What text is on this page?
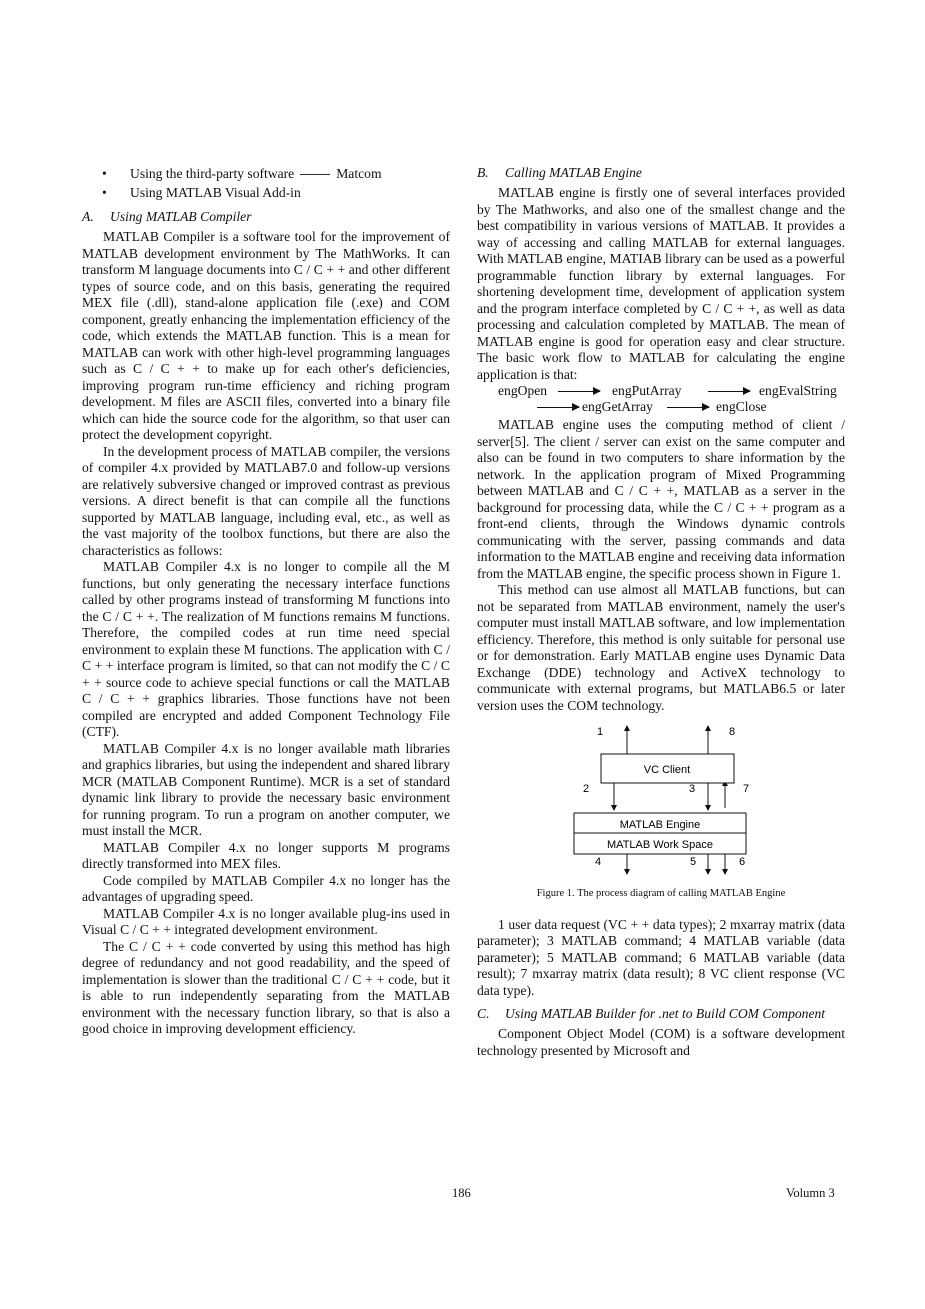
• Using the third-party software	Matcom
• Using MATLAB Visual Add-in
A. Using MATLAB Compiler

MATLAB Compiler is a software tool for the improvement of MATLAB development environment by The MathWorks. It can transform M language documents into C / C + + and other different types of source code, and on this basis, generating the required MEX file (.dll), stand-alone application file (.exe) and COM component, greatly enhancing the implementation efficiency of the code, which extends the MATLAB function. This is a mean for MATLAB can work with other high-level programming languages such as C / C + + to make up for each other's deficiencies, improving program run-time efficiency and riching program development. M files are ASCII files, converted into a binary file which can hide the source code for the algorithm, so that user can protect the development copyright.

In the development process of MATLAB compiler, the versions of compiler 4.x provided by MATLAB7.0 and follow-up versions are relatively subversive changed or improved contrast as previous versions. A direct benefit is that can compile all the functions supported by MATLAB language, including eval, etc., as well as the vast majority of the toolbox functions, but there are also the characteristics as follows:

MATLAB Compiler 4.x is no longer to compile all the M functions, but only generating the necessary interface functions called by other programs instead of transforming M functions into the C / C + +. The realization of M functions remains M functions. Therefore, the compiled codes at run time need special environment to explain these M functions. The application with C / C + + interface program is limited, so that can not modify the C / C + + source code to achieve special functions or call the MATLAB C / C + + graphics libraries. Those functions have not been compiled are encrypted and added Component Technology File (CTF).

MATLAB Compiler 4.x is no longer available math libraries and graphics libraries, but using the independent and shared library MCR (MATLAB Component Runtime). MCR is a set of standard dynamic link library to provide the necessary basic environment for running program. To run a program on another computer, we must install the MCR.

MATLAB Compiler 4.x no longer supports M programs directly transformed into MEX files.

Code compiled by MATLAB Compiler 4.x no longer has the advantages of upgrading speed.

MATLAB Compiler 4.x is no longer available plug-ins used in Visual C / C + + integrated development environment.

The C / C + + code converted by using this method has high degree of redundancy and not good readability, and the speed of implementation is slower than the traditional C / C + + code, but it is able to run independently separating from the MATLAB environment with the necessary function library, so that is also a good choice in improving development efficiency.

B. Calling MATLAB Engine

MATLAB engine is firstly one of several interfaces provided by The Mathworks, and also one of the smallest change and the best compatibility in various versions of MATLAB. It provides a way of accessing and calling MATLAB for external languages. With MATLAB engine, MATIAB library can be used as a powerful programmable function library by external languages. For shortening development time, development of application system and the program interface completed by C / C + +, as well as data processing and calculation completed by MATLAB. The mean of MATLAB engine is good for operation easy and clear structure. The basic work flow to MATLAB for calculating the engine application is that:

engOpen	engPutArray	engEvalString
engGetArray	engClose

MATLAB engine uses the computing method of client / server[5]. The client / server can exist on the same computer and also can be found in two computers to share information by the network. In the application program of Mixed Programming between MATLAB and C / C + +, MATLAB as a server in the background for processing data, while the C / C + + program as a front-end clients, through the Windows dynamic controls communicating with the server, passing commands and data information to the MATLAB engine and receiving data information from the MATLAB engine, the specific process shown in Figure 1.

This method can use almost all MATLAB functions, but can not be separated from MATLAB environment, namely the user's computer must install MATLAB software, and low implementation efficiency. Therefore, this method is only suitable for personal use or for demonstration. Early MATLAB engine uses Dynamic Data Exchange (DDE) technology and ActiveX technology to communicate with external programs, but MATLAB6.5 or later version uses the COM technology.

VC Client
MATLAB Engine
MATLAB Work Space
1	8
2	3	7
4	5	6
Figure 1. The process diagram of calling MATLAB Engine

1 user data request (VC + + data types); 2 mxarray matrix (data parameter); 3 MATLAB command; 4 MATLAB variable (data parameter); 5 MATLAB command; 6 MATLAB variable (data result); 7 mxarray matrix (data result); 8 VC client response (VC data type).

C.	Using MATLAB Builder for .net to Build COM Component

Component Object Model (COM) is a software development technology presented by Microsoft and

186	Volumn 3
